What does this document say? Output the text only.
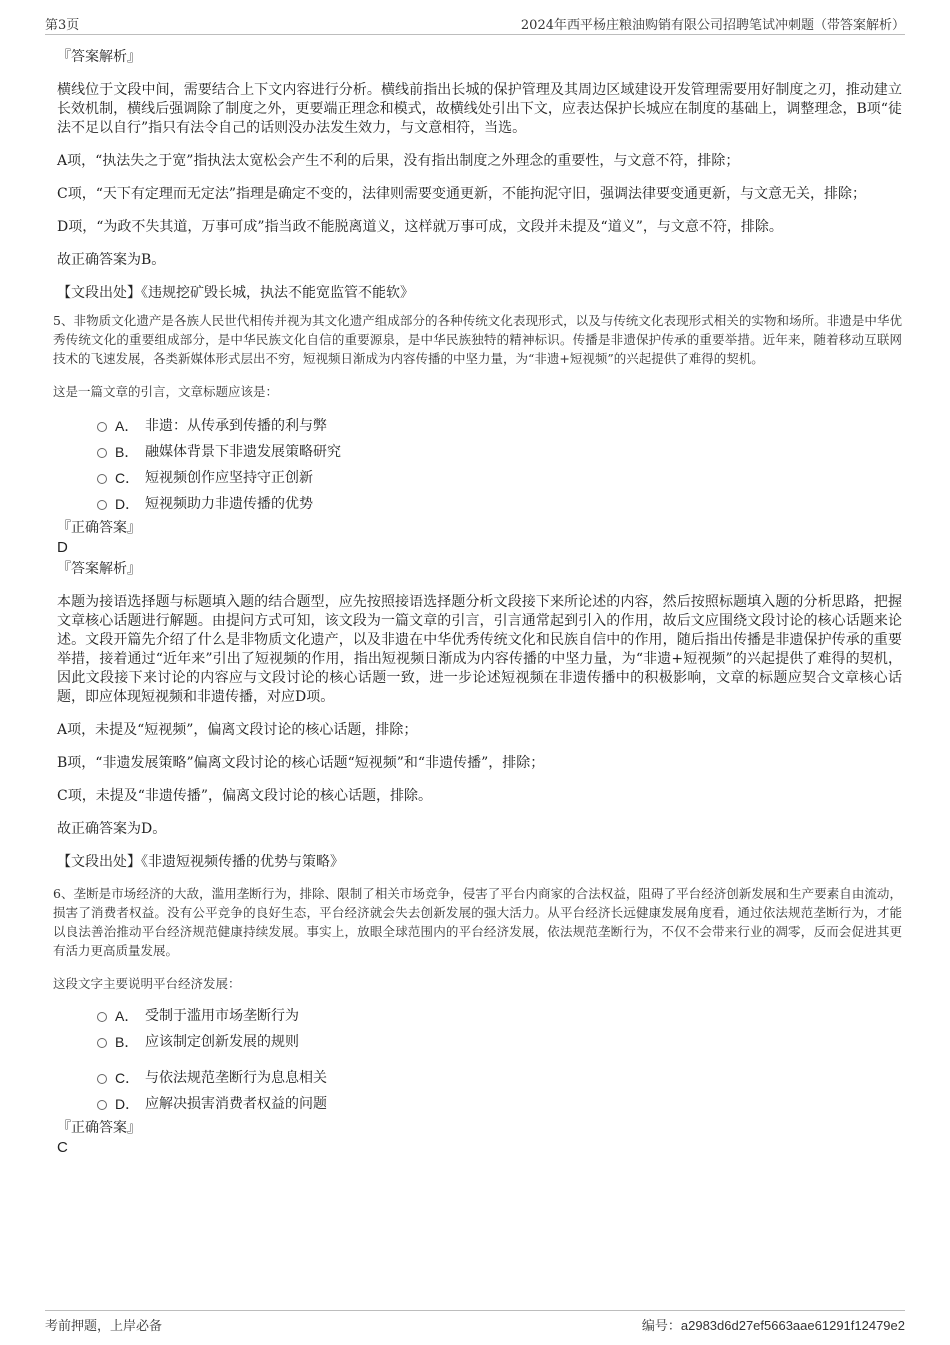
第3页	2024年西平杨庄粮油购销有限公司招聘笔试冲刺题（带答案解析）

『答案解析』

横线位于文段中间，需要结合上下文内容进行分析。横线前指出长城的保护管理及其周边区域建设开发管理需要用好制度之刃，推动建立长效机制，横线后强调除了制度之外，更要端正理念和模式，故横线处引出下文，应表达保护长城应在制度的基础上，调整理念，B项“徒法不足以自行”指只有法令自己的话则没办法发生效力，与文意相符，当选。

A项，“执法失之于宽”指执法太宽松会产生不利的后果，没有指出制度之外理念的重要性，与文意不符，排除；

C项，“天下有定理而无定法”指理是确定不变的，法律则需要变通更新，不能拘泥守旧，强调法律要变通更新，与文意无关，排除；

D项，“为政不失其道，万事可成”指当政不能脱离道义，这样就万事可成，文段并未提及“道义”，与文意不符，排除。

故正确答案为B。

【文段出处】《违规挖矿毁长城，执法不能宽监管不能软》

5、非物质文化遗产是各族人民世代相传并视为其文化遗产组成部分的各种传统文化表现形式，以及与传统文化表现形式相关的实物和场所。非遗是中华优秀传统文化的重要组成部分，是中华民族文化自信的重要源泉，是中华民族独特的精神标识。传播是非遗保护传承的重要举措。近年来，随着移动互联网技术的飞速发展，各类新媒体形式层出不穷，短视频日渐成为内容传播的中坚力量，为“非遗+短视频”的兴起提供了难得的契机。

这是一篇文章的引言，文章标题应该是：

A． 非遗：从传承到传播的利与弊
B． 融媒体背景下非遗发展策略研究
C． 短视频创作应坚持守正创新
D． 短视频助力非遗传播的优势

『正确答案』

D

『答案解析』

本题为接语选择题与标题填入题的结合题型，应先按照接语选择题分析文段接下来所论述的内容，然后按照标题填入题的分析思路，把握文章核心话题进行解题。由提问方式可知，该文段为一篇文章的引言，引言通常起到引入的作用，故后文应围绕文段讨论的核心话题来论述。文段开篇先介绍了什么是非物质文化遗产，以及非遗在中华优秀传统文化和民族自信中的作用，随后指出传播是非遗保护传承的重要举措，接着通过“近年来”引出了短视频的作用，指出短视频日渐成为内容传播的中坚力量，为“非遗+短视频”的兴起提供了难得的契机，因此文段接下来讨论的内容应与文段讨论的核心话题一致，进一步论述短视频在非遗传播中的积极影响，文章的标题应契合文章核心话题，即应体现短视频和非遗传播，对应D项。

A项，未提及“短视频”，偏离文段讨论的核心话题，排除；

B项，“非遗发展策略”偏离文段讨论的核心话题“短视频”和“非遗传播”，排除；

C项，未提及“非遗传播”，偏离文段讨论的核心话题，排除。

故正确答案为D。

【文段出处】《非遗短视频传播的优势与策略》

6、垄断是市场经济的大敌，滥用垄断行为，排除、限制了相关市场竞争，侵害了平台内商家的合法权益，阻碍了平台经济创新发展和生产要素自由流动，损害了消费者权益。没有公平竞争的良好生态，平台经济就会失去创新发展的强大活力。从平台经济长远健康发展角度看，通过依法规范垄断行为，才能以良法善治推动平台经济规范健康持续发展。事实上，放眼全球范围内的平台经济发展，依法规范垄断行为，不仅不会带来行业的凋零，反而会促进其更有活力更高质量发展。

这段文字主要说明平台经济发展：

A． 受制于滥用市场垄断行为
B． 应该制定创新发展的规则
C． 与依法规范垄断行为息息相关
D． 应解决损害消费者权益的问题

『正确答案』

C

考前押题，上岸必备	编号：a2983d6d27ef5663aae61291f12479e2
